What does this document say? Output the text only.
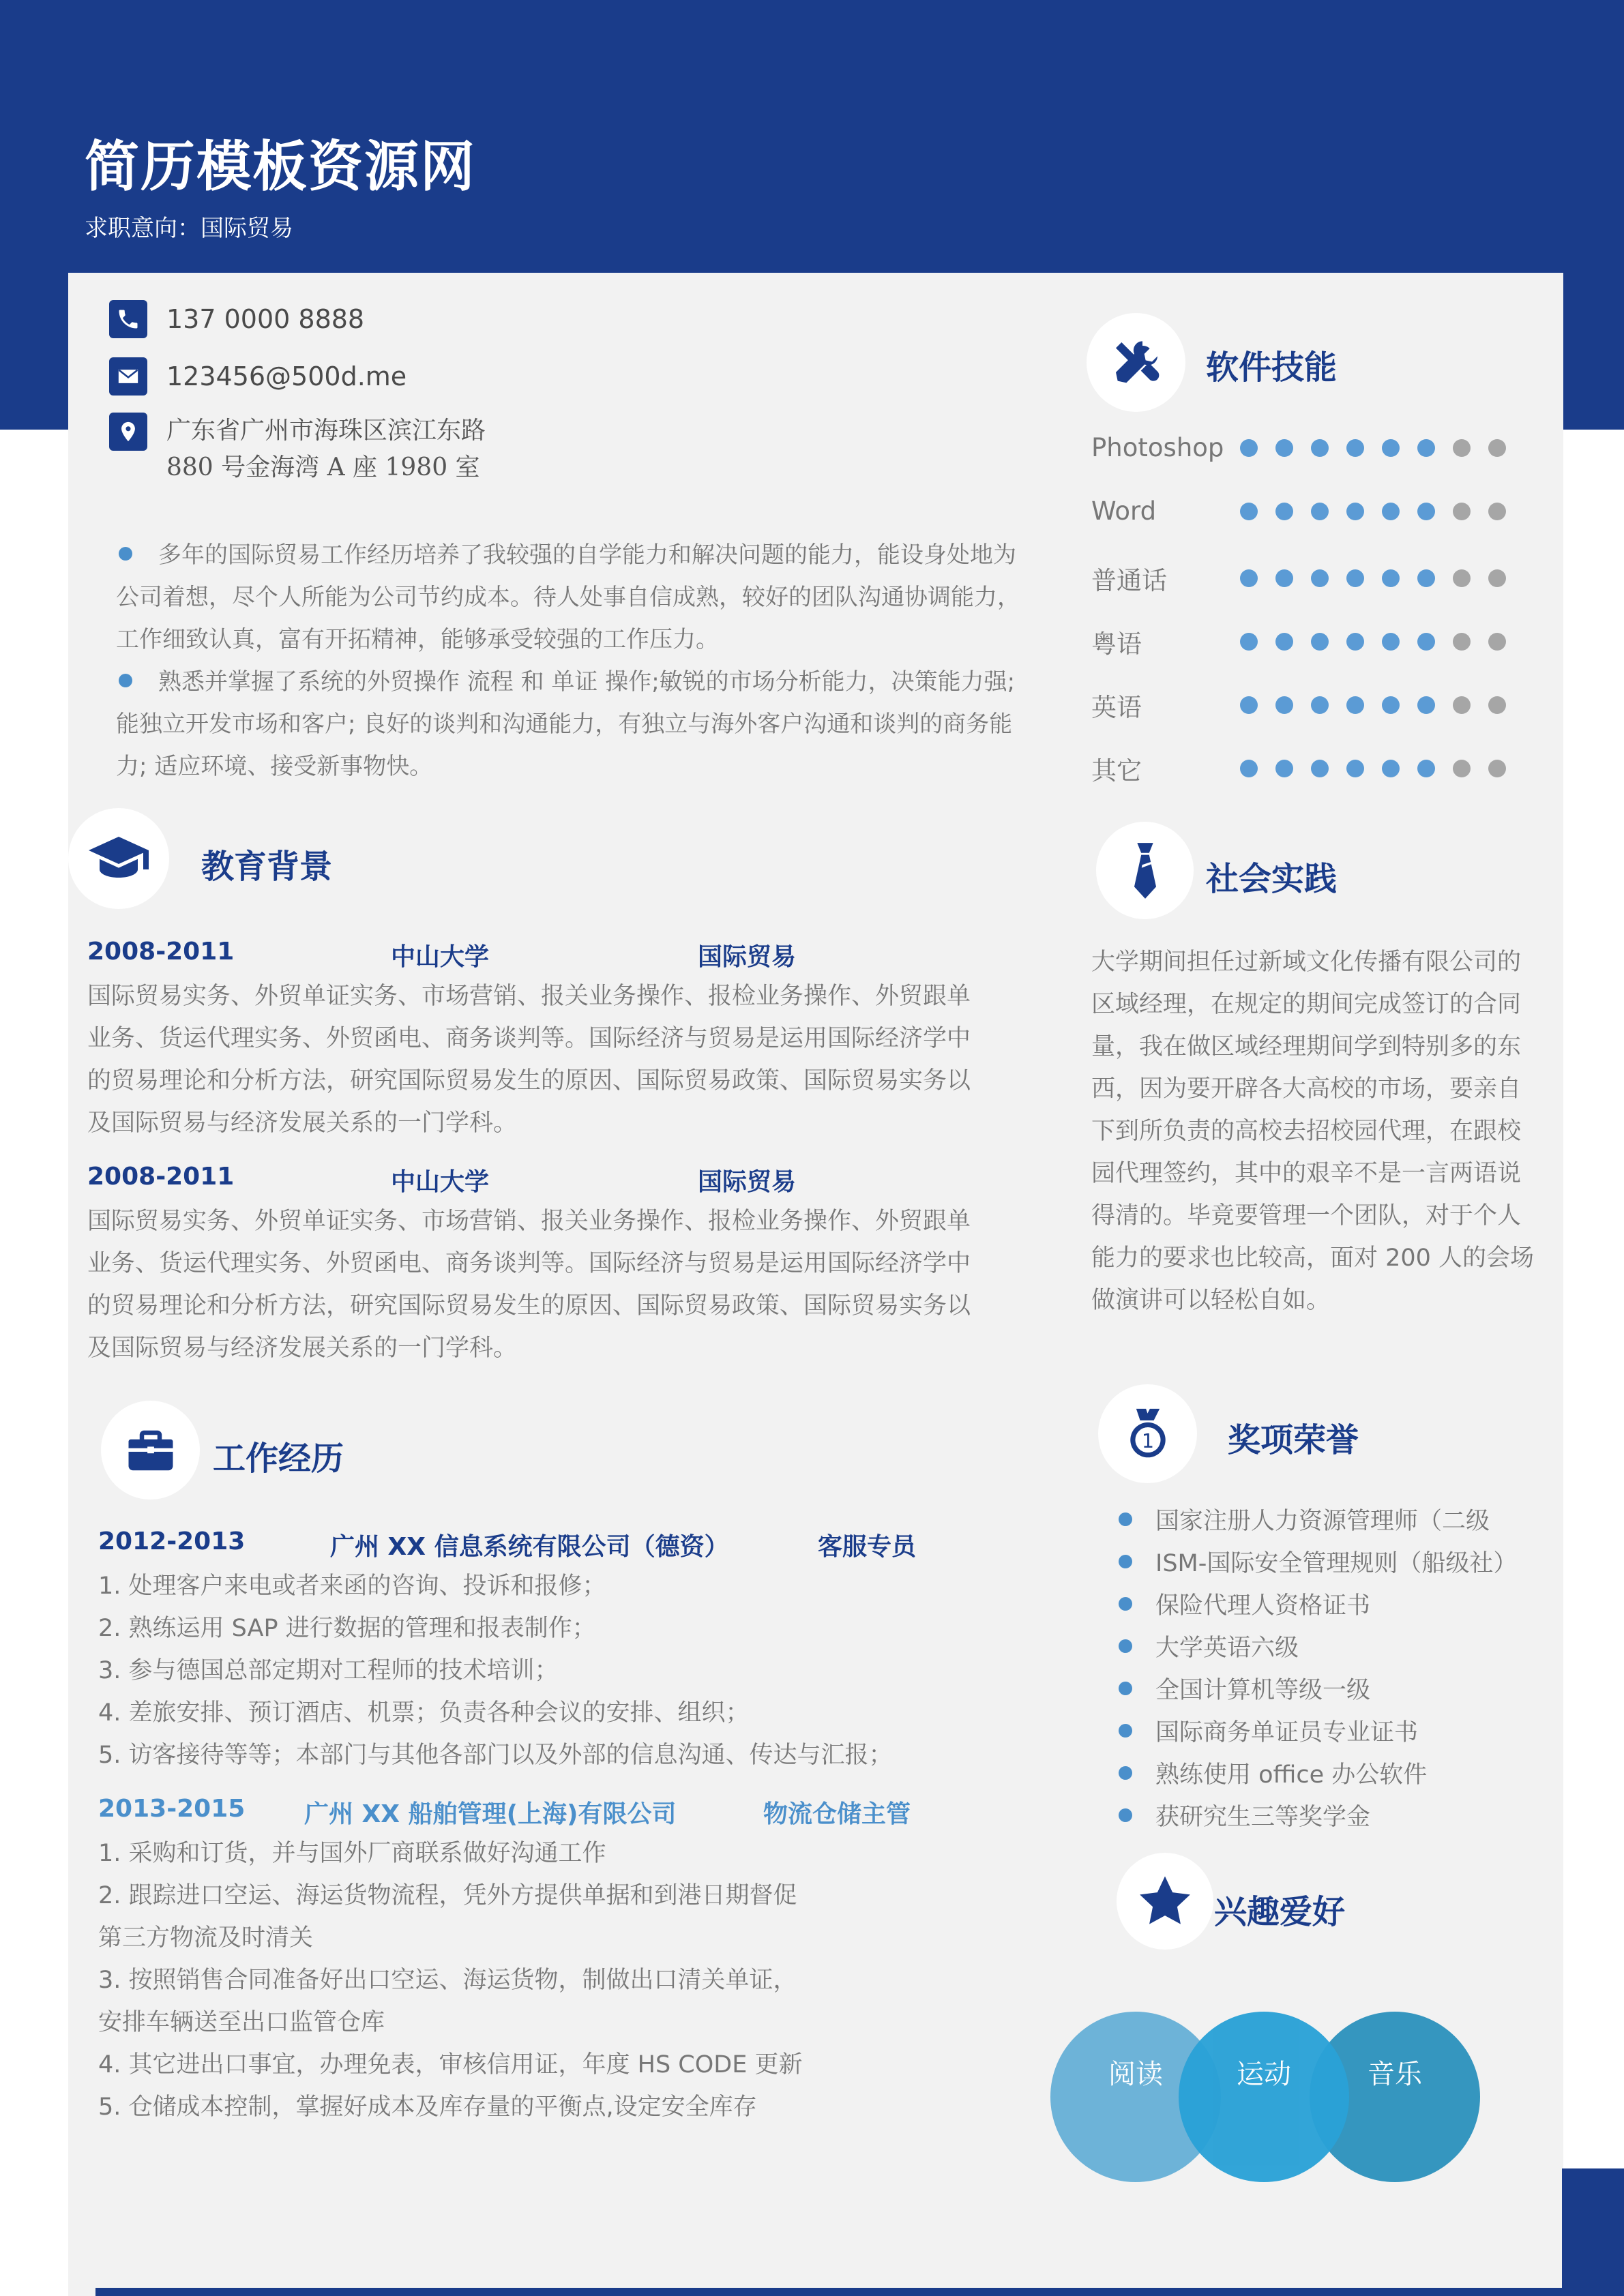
简历模板资源网
求职意向：国际贸易
137 0000 8888
123456@500d.me
广东省广州市海珠区滨江东路
880 号金海湾 A 座 1980 室

多年的国际贸易工作经历培养了我较强的自学能力和解决问题的能力，能设身处地为公司着想，尽个人所能为公司节约成本。待人处事自信成熟，较好的团队沟通协调能力，工作细致认真，富有开拓精神，能够承受较强的工作压力。

熟悉并掌握了系统的外贸操作 流程 和 单证 操作;敏锐的市场分析能力，决策能力强;能独立开发市场和客户; 良好的谈判和沟通能力，有独立与海外客户沟通和谈判的商务能力; 适应环境、接受新事物快。

教育背景
2008-2011	中山大学	国际贸易
国际贸易实务、外贸单证实务、市场营销、报关业务操作、报检业务操作、外贸跟单
业务、货运代理实务、外贸函电、商务谈判等。国际经济与贸易是运用国际经济学中
的贸易理论和分析方法，研究国际贸易发生的原因、国际贸易政策、国际贸易实务以
及国际贸易与经济发展关系的一门学科。
2008-2011	中山大学	国际贸易
国际贸易实务、外贸单证实务、市场营销、报关业务操作、报检业务操作、外贸跟单
业务、货运代理实务、外贸函电、商务谈判等。国际经济与贸易是运用国际经济学中
的贸易理论和分析方法，研究国际贸易发生的原因、国际贸易政策、国际贸易实务以
及国际贸易与经济发展关系的一门学科。
工作经历
2012-2013	广州 XX 信息系统有限公司（德资）	客服专员
1. 处理客户来电或者来函的咨询、投诉和报修；
2. 熟练运用 SAP 进行数据的管理和报表制作；
3. 参与德国总部定期对工程师的技术培训；
4. 差旅安排、预订酒店、机票；负责各种会议的安排、组织；
5. 访客接待等等；本部门与其他各部门以及外部的信息沟通、传达与汇报；
2013-2015 广州 XX 船舶管理(上海)有限公司	物流仓储主管
1. 采购和订货，并与国外厂商联系做好沟通工作
2. 跟踪进口空运、海运货物流程，凭外方提供单据和到港日期督促
第三方物流及时清关
3. 按照销售合同准备好出口空运、海运货物，制做出口清关单证，
安排车辆送至出口监管仓库
4. 其它进出口事宜，办理免表，审核信用证，年度 HS CODE 更新
5. 仓储成本控制，掌握好成本及库存量的平衡点,设定安全库存
软件技能
Photoshop
Word
普通话
粤语
英语
其它
社会实践
大学期间担任过新域文化传播有限公司的区域经理，在规定的期间完成签订的合同量，我在做区域经理期间学到特别多的东西，因为要开辟各大高校的市场，要亲自下到所负责的高校去招校园代理，在跟校园代理签约，其中的艰辛不是一言两语说得清的。毕竟要管理一个团队，对于个人能力的要求也比较高，面对 200 人的会场做演讲可以轻松自如。
1 奖项荣誉
国家注册人力资源管理师（二级
ISM-国际安全管理规则（船级社）
保险代理人资格证书
大学英语六级
全国计算机等级一级
国际商务单证员专业证书
熟练使用 office 办公软件
获研究生三等奖学金
兴趣爱好
阅读	音乐
运动
